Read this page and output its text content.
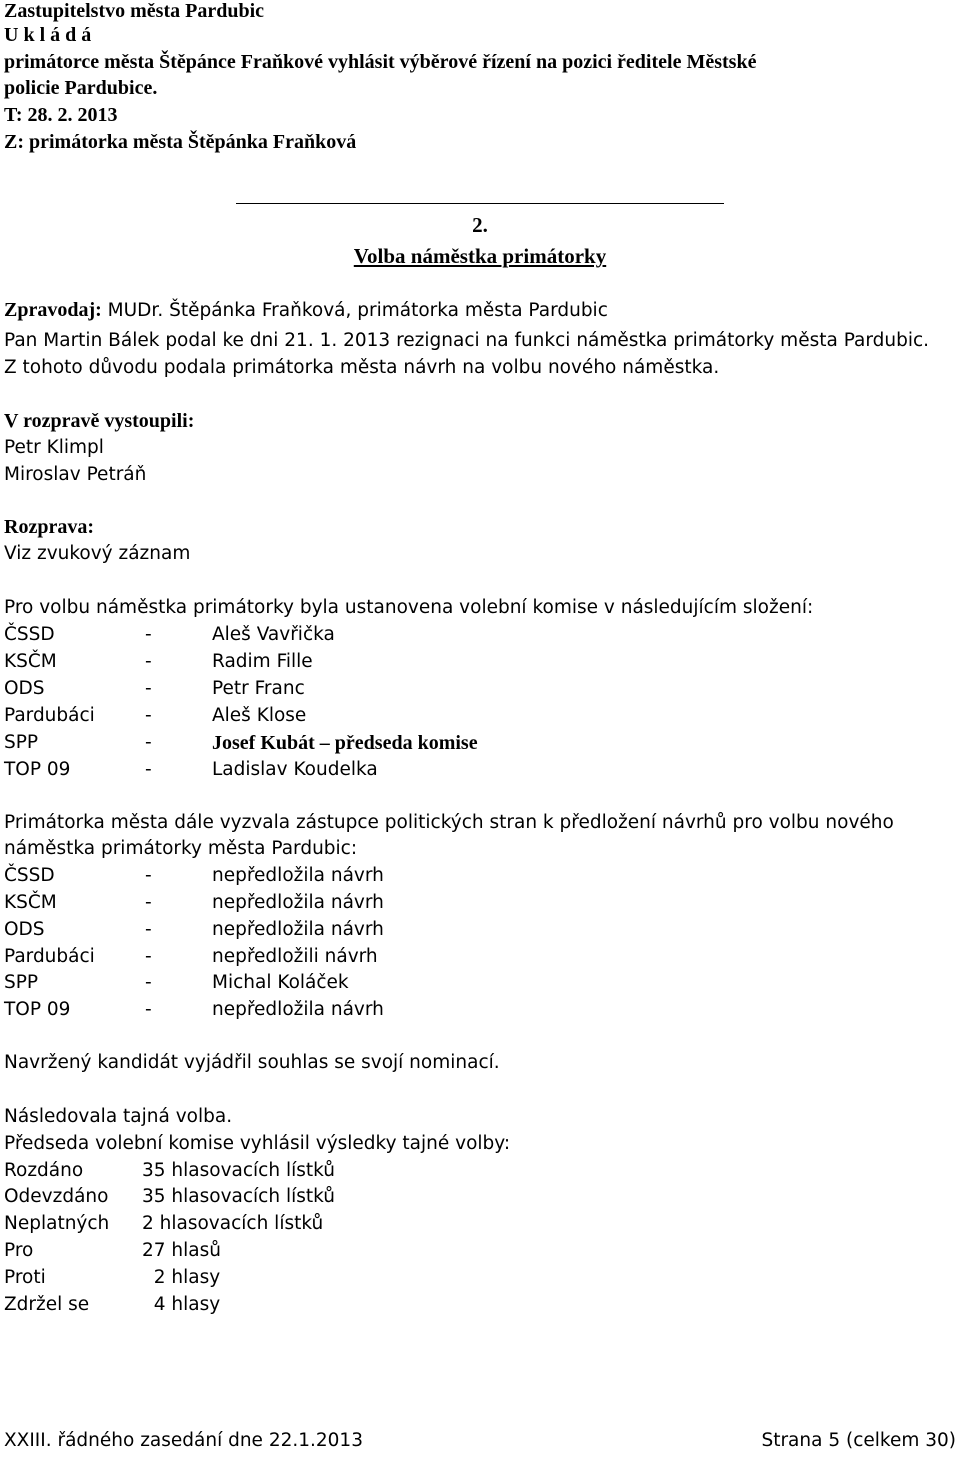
Zastupitelstvo města Pardubic
U k l á d á
primátorce města Štěpánce Fraňkové vyhlásit výběrové řízení na pozici ředitele Městské
policie Pardubice.
T: 28. 2. 2013
Z: primátorka města Štěpánka Fraňková
2.
Volba náměstka primátorky
Zpravodaj: MUDr. Štěpánka Fraňková, primátorka města Pardubic
Pan Martin Bálek podal ke dni 21. 1. 2013 rezignaci na funkci náměstka primátorky města Pardubic.
Z tohoto důvodu podala primátorka města návrh na volbu nového náměstka.
V rozpravě vystoupili:
Petr Klimpl
Miroslav Petráň
Rozprava:
Viz zvukový záznam
Pro volbu náměstka primátorky byla ustanovena volební komise v následujícím složení:
ČSSD	-	Aleš Vavřička
KSČM	-	Radim Fille
ODS	-	Petr Franc
Pardubáci	-	Aleš Klose
SPP	-	Josef Kubát – předseda komise
TOP 09	-	Ladislav Koudelka
Primátorka města dále vyzvala zástupce politických stran k předložení návrhů pro volbu nového
náměstka primátorky města Pardubic:
ČSSD	-	nepředložila návrh
KSČM	-	nepředložila návrh
ODS	-	nepředložila návrh
Pardubáci	-	nepředložili návrh
SPP	-	Michal Koláček
TOP 09	-	nepředložila návrh
Navržený kandidát vyjádřil souhlas se svojí nominací.
Následovala tajná volba.
Předseda volební komise vyhlásil výsledky tajné volby:
Rozdáno	35 hlasovacích lístků
Odevzdáno 35 hlasovacích lístků
Neplatných 2 hlasovacích lístků
Pro	27 hlasů
Proti	2 hlasy
Zdržel se	4 hlasy
XXIII. řádného zasedání dne 22.1.2013	Strana 5 (celkem 30)
